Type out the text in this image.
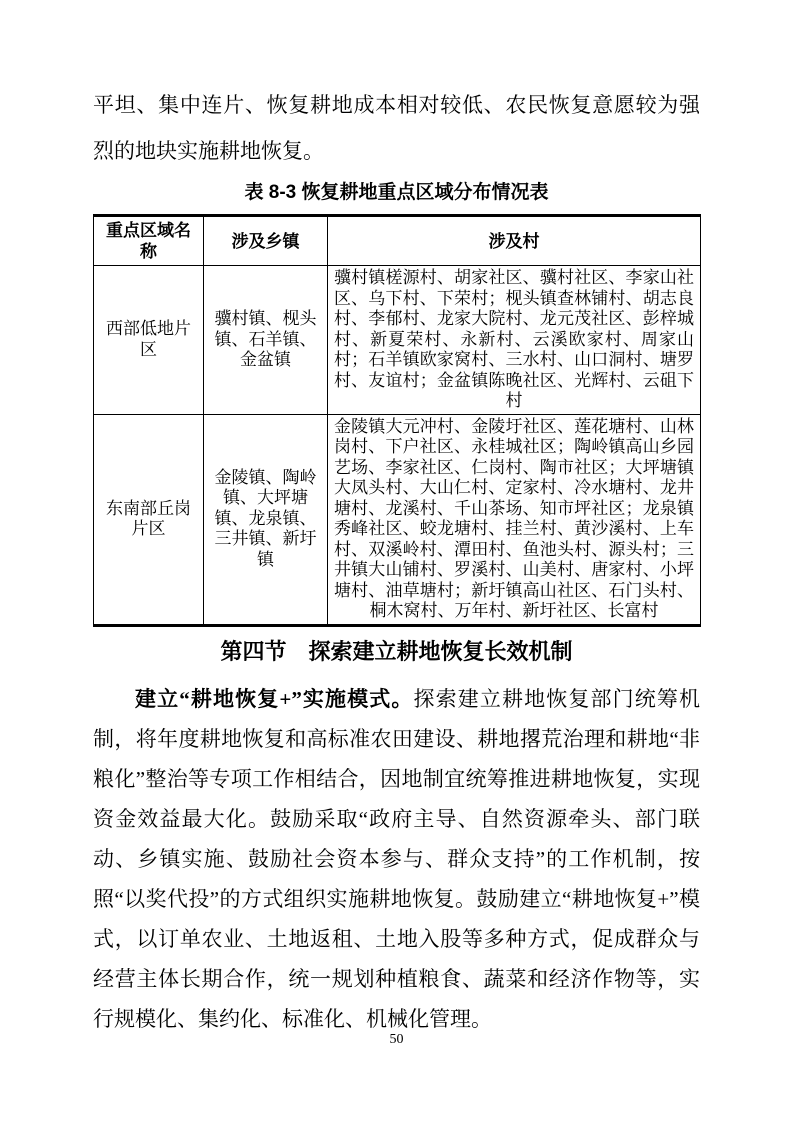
平坦、集中连片、恢复耕地成本相对较低、农民恢复意愿较为强烈的地块实施耕地恢复。

表 8-3 恢复耕地重点区域分布情况表
重点区域名称	涉及乡镇	涉及村
西部低地片区	骥村镇、枧头镇、石羊镇、金盆镇	骥村镇槎源村、胡家社区、骥村社区、李家山社区、乌下村、下荣村；枧头镇查林铺村、胡志良村、李郁村、龙家大院村、龙元茂社区、彭梓城村、新夏荣村、永新村、云溪欧家村、周家山村；石羊镇欧家窝村、三水村、山口洞村、塘罗村、友谊村；金盆镇陈晚社区、光辉村、云砠下村
东南部丘岗片区	金陵镇、陶岭镇、大坪塘镇、龙泉镇、三井镇、新圩镇	金陵镇大元冲村、金陵圩社区、莲花塘村、山林岗村、下户社区、永桂城社区；陶岭镇高山乡园艺场、李家社区、仁岗村、陶市社区；大坪塘镇大凤头村、大山仁村、定家村、冷水塘村、龙井塘村、龙溪村、千山茶场、知市坪社区；龙泉镇秀峰社区、蛟龙塘村、挂兰村、黄沙溪村、上车村、双溪岭村、潭田村、鱼池头村、源头村；三井镇大山铺村、罗溪村、山美村、唐家村、小坪塘村、油草塘村；新圩镇高山社区、石门头村、桐木窝村、万年村、新圩社区、长富村
第四节　探索建立耕地恢复长效机制

建立“耕地恢复+”实施模式。探索建立耕地恢复部门统筹机制，将年度耕地恢复和高标准农田建设、耕地撂荒治理和耕地“非粮化”整治等专项工作相结合，因地制宜统筹推进耕地恢复，实现资金效益最大化。鼓励采取“政府主导、自然资源牵头、部门联动、乡镇实施、鼓励社会资本参与、群众支持”的工作机制，按照“以奖代投”的方式组织实施耕地恢复。鼓励建立“耕地恢复+”模式，以订单农业、土地返租、土地入股等多种方式，促成群众与经营主体长期合作，统一规划种植粮食、蔬菜和经济作物等，实行规模化、集约化、标准化、机械化管理。

50
